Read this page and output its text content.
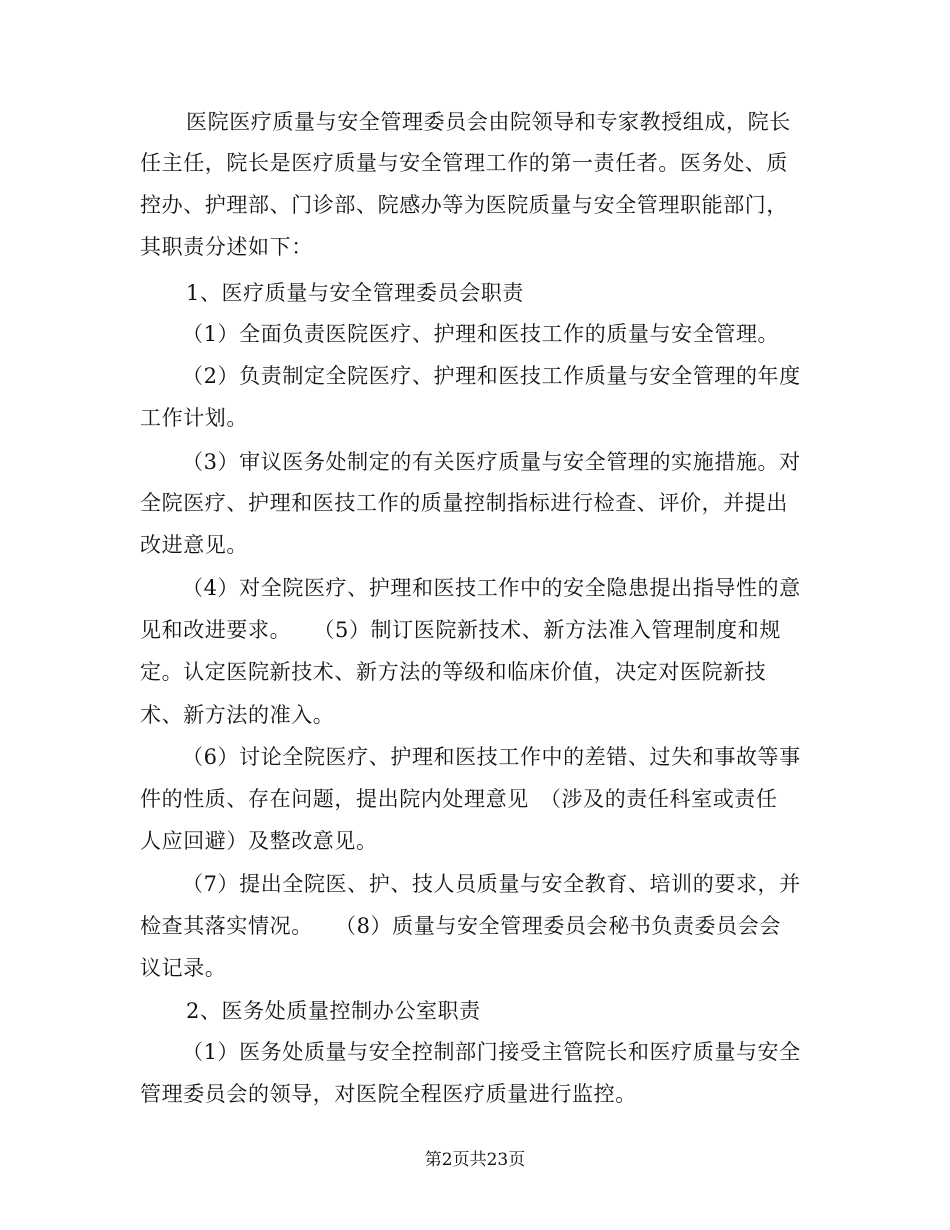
医院医疗质量与安全管理委员会由院领导和专家教授组成，院长
任主任，院长是医疗质量与安全管理工作的第一责任者。医务处、质
控办、护理部、门诊部、院感办等为医院质量与安全管理职能部门，
其职责分述如下：
1、医疗质量与安全管理委员会职责
（1）全面负责医院医疗、护理和医技工作的质量与安全管理。
（2）负责制定全院医疗、护理和医技工作质量与安全管理的年度
工作计划。
（3）审议医务处制定的有关医疗质量与安全管理的实施措施。对
全院医疗、护理和医技工作的质量控制指标进行检查、评价，并提出
改进意见。
（4）对全院医疗、护理和医技工作中的安全隐患提出指导性的意
见和改进要求。　　（5）制订医院新技术、新方法准入管理制度和规
定。认定医院新技术、新方法的等级和临床价值，决定对医院新技
术、新方法的准入。
（6）讨论全院医疗、护理和医技工作中的差错、过失和事故等事
件的性质、存在问题，提出院内处理意见　（涉及的责任科室或责任
人应回避）及整改意见。
（7）提出全院医、护、技人员质量与安全教育、培训的要求，并
检查其落实情况。　　（8）质量与安全管理委员会秘书负责委员会会
议记录。
2、医务处质量控制办公室职责
（1）医务处质量与安全控制部门接受主管院长和医疗质量与安全
管理委员会的领导，对医院全程医疗质量进行监控。
第2页共23页
